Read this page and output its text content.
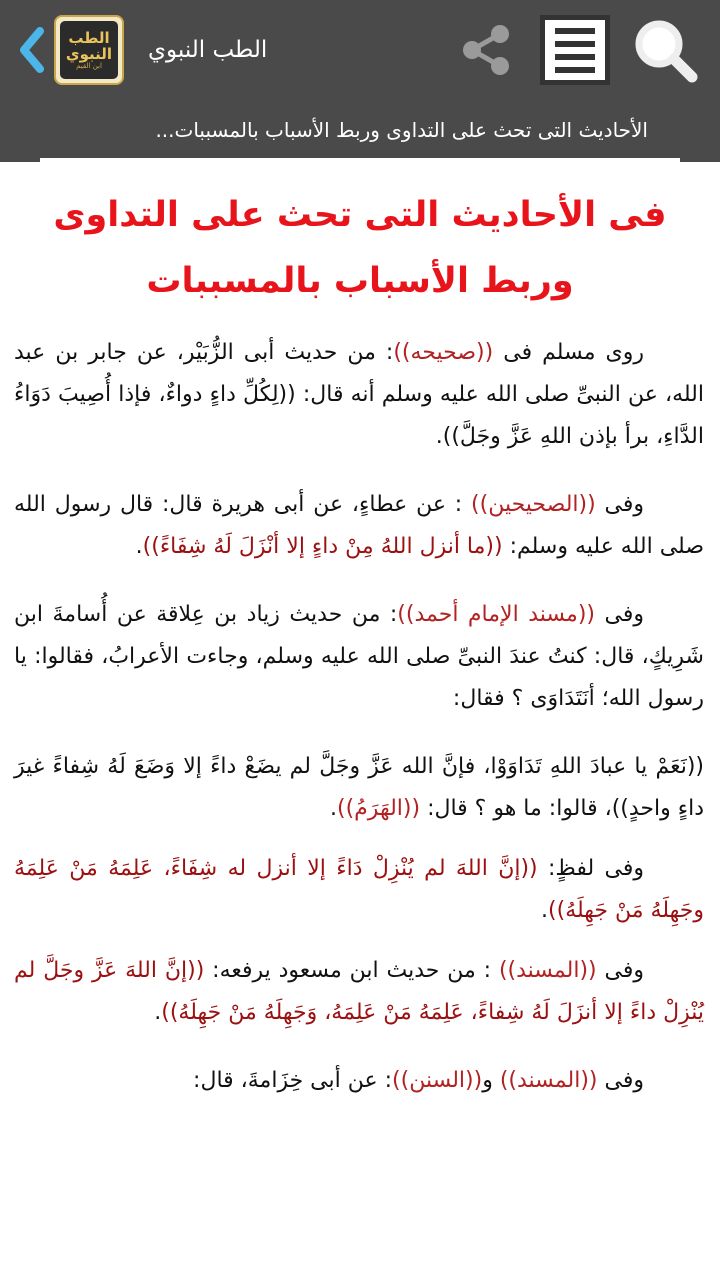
الطب
النبوي
ابن القيم
الطب النبوي
الأحاديث التى تحث على التداوى وربط الأسباب بالمسببات...
فى الأحاديث التى تحث على التداوى وربط الأسباب بالمسببات
روى مسلم فى ((صحيحه)): من حديث أبى الزُّبَيْر، عن جابر بن عبد الله، عن النبىِّ صلى الله عليه وسلم أنه قال: ((لِكُلِّ داءٍ دواءٌ، فإذا أُصِيبَ دَوَاءُ الدَّاءِ، برأ بإذن اللهِ عَزَّ وجَلَّ)).
وفى ((الصحيحين)) : عن عطاءٍ، عن أبى هريرة قال: قال رسول الله صلى الله عليه وسلم: ((ما أنزل اللهُ مِنْ داءٍ إلا أنْزَلَ لَهُ شِفَاءً)).
وفى ((مسند الإمام أحمد)): من حديث زياد بن عِلاقة عن أُسامةَ ابن شَرِيكٍ، قال: كنتُ عندَ النبىِّ صلى الله عليه وسلم، وجاءت الأعرابُ، فقالوا: يا رسول الله؛ أنَتَدَاوَى ؟ فقال:
((نَعَمْ يا عبادَ اللهِ تَدَاوَوْا، فإنَّ الله عَزَّ وجَلَّ لم يضَعْ داءً إلا وَضَعَ لَهُ شِفاءً غيرَ داءٍ واحدٍ))، قالوا: ما هو ؟ قال: ((الهَرَمُ)).
وفى لفظٍ: ((إنَّ اللهَ لم يُنْزِلْ دَاءً إلا أنزل له شِفَاءً، عَلِمَهُ مَنْ عَلِمَهُ وجَهِلَهُ مَنْ جَهِلَهُ)).
وفى ((المسند)) : من حديث ابن مسعود يرفعه: ((إنَّ اللهَ عَزَّ وجَلَّ لم يُنْزِلْ داءً إلا أنزَلَ لَهُ شِفاءً، عَلِمَهُ مَنْ عَلِمَهُ، وَجَهِلَهُ مَنْ جَهِلَهُ)).
وفى ((المسند)) و((السنن)): عن أبى خِزَامةَ، قال:
